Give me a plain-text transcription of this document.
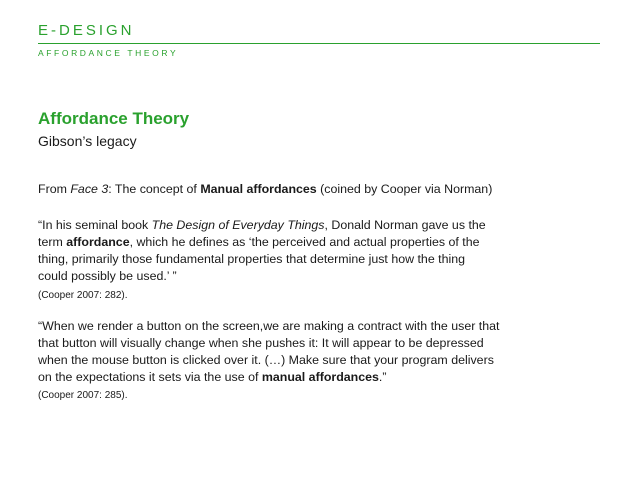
E-DESIGN
AFFORDANCE THEORY
Affordance Theory
Gibson’s legacy
From Face 3: The concept of Manual affordances (coined by Cooper via Norman)
“In his seminal book The Design of Everyday Things, Donald Norman gave us the
term affordance, which he defines as ‘the perceived and actual properties of the
thing, primarily those fundamental properties that determine just how the thing
could possibly be used.’ ”
(Cooper 2007: 282).
“When we render a button on the screen,we are making a contract with the user that
that button will visually change when she pushes it: It will appear to be depressed
when the mouse button is clicked over it. (…) Make sure that your program delivers
on the expectations it sets via the use of manual affordances.”
(Cooper 2007: 285).
